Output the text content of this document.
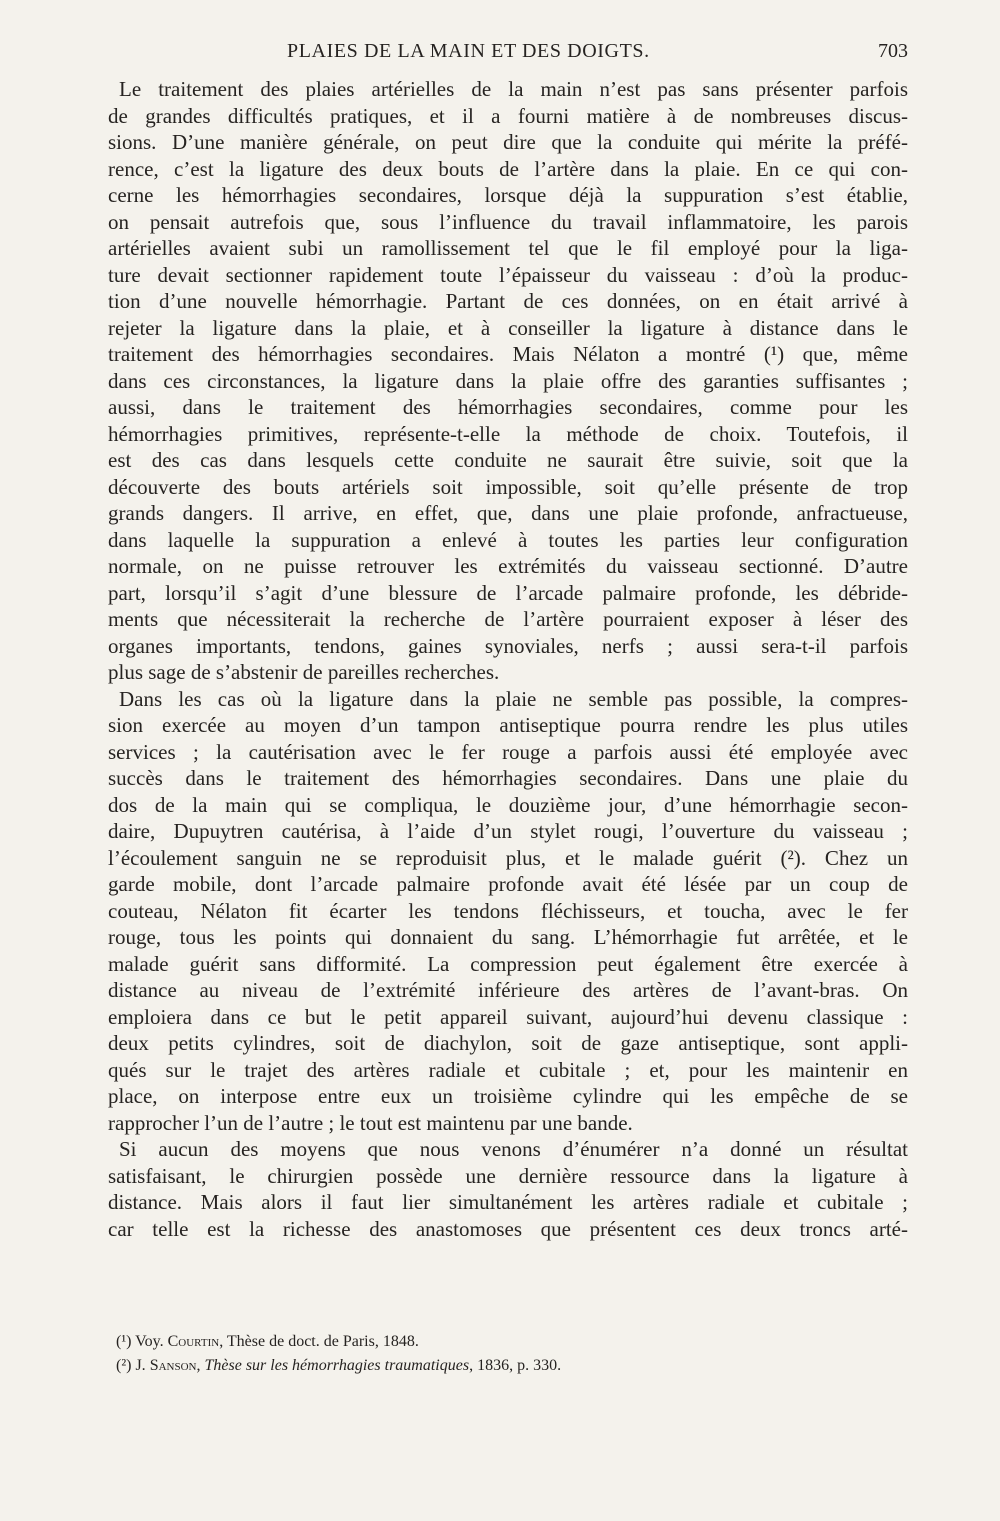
PLAIES DE LA MAIN ET DES DOIGTS.	703
Le traitement des plaies artérielles de la main n’est pas sans présenter parfois
de grandes difficultés pratiques, et il a fourni matière à de nombreuses discus-
sions. D’une manière générale, on peut dire que la conduite qui mérite la préfé-
rence, c’est la ligature des deux bouts de l’artère dans la plaie. En ce qui con-
cerne les hémorrhagies secondaires, lorsque déjà la suppuration s’est établie,
on pensait autrefois que, sous l’influence du travail inflammatoire, les parois
artérielles avaient subi un ramollissement tel que le fil employé pour la liga-
ture devait sectionner rapidement toute l’épaisseur du vaisseau : d’où la produc-
tion d’une nouvelle hémorrhagie. Partant de ces données, on en était arrivé à
rejeter la ligature dans la plaie, et à conseiller la ligature à distance dans le
traitement des hémorrhagies secondaires. Mais Nélaton a montré (¹) que, même
dans ces circonstances, la ligature dans la plaie offre des garanties suffisantes ;
aussi, dans le traitement des hémorrhagies secondaires, comme pour les
hémorrhagies primitives, représente-t-elle la méthode de choix. Toutefois, il
est des cas dans lesquels cette conduite ne saurait être suivie, soit que la
découverte des bouts artériels soit impossible, soit qu’elle présente de trop
grands dangers. Il arrive, en effet, que, dans une plaie profonde, anfractueuse,
dans laquelle la suppuration a enlevé à toutes les parties leur configuration
normale, on ne puisse retrouver les extrémités du vaisseau sectionné. D’autre
part, lorsqu’il s’agit d’une blessure de l’arcade palmaire profonde, les débride-
ments que nécessiterait la recherche de l’artère pourraient exposer à léser des
organes importants, tendons, gaines synoviales, nerfs ; aussi sera-t-il parfois
plus sage de s’abstenir de pareilles recherches.
Dans les cas où la ligature dans la plaie ne semble pas possible, la compres-
sion exercée au moyen d’un tampon antiseptique pourra rendre les plus utiles
services ; la cautérisation avec le fer rouge a parfois aussi été employée avec
succès dans le traitement des hémorrhagies secondaires. Dans une plaie du
dos de la main qui se compliqua, le douzième jour, d’une hémorrhagie secon-
daire, Dupuytren cautérisa, à l’aide d’un stylet rougi, l’ouverture du vaisseau ;
l’écoulement sanguin ne se reproduisit plus, et le malade guérit (²). Chez un
garde mobile, dont l’arcade palmaire profonde avait été lésée par un coup de
couteau, Nélaton fit écarter les tendons fléchisseurs, et toucha, avec le fer
rouge, tous les points qui donnaient du sang. L’hémorrhagie fut arrêtée, et le
malade guérit sans difformité. La compression peut également être exercée à
distance au niveau de l’extrémité inférieure des artères de l’avant-bras. On
emploiera dans ce but le petit appareil suivant, aujourd’hui devenu classique :
deux petits cylindres, soit de diachylon, soit de gaze antiseptique, sont appli-
qués sur le trajet des artères radiale et cubitale ; et, pour les maintenir en
place, on interpose entre eux un troisième cylindre qui les empêche de se
rapprocher l’un de l’autre ; le tout est maintenu par une bande.
Si aucun des moyens que nous venons d’énumérer n’a donné un résultat
satisfaisant, le chirurgien possède une dernière ressource dans la ligature à
distance. Mais alors il faut lier simultanément les artères radiale et cubitale ;
car telle est la richesse des anastomoses que présentent ces deux troncs arté-
(¹) Voy. Courtin, Thèse de doct. de Paris, 1848.
(²) J. Sanson, Thèse sur les hémorrhagies traumatiques, 1836, p. 330.
